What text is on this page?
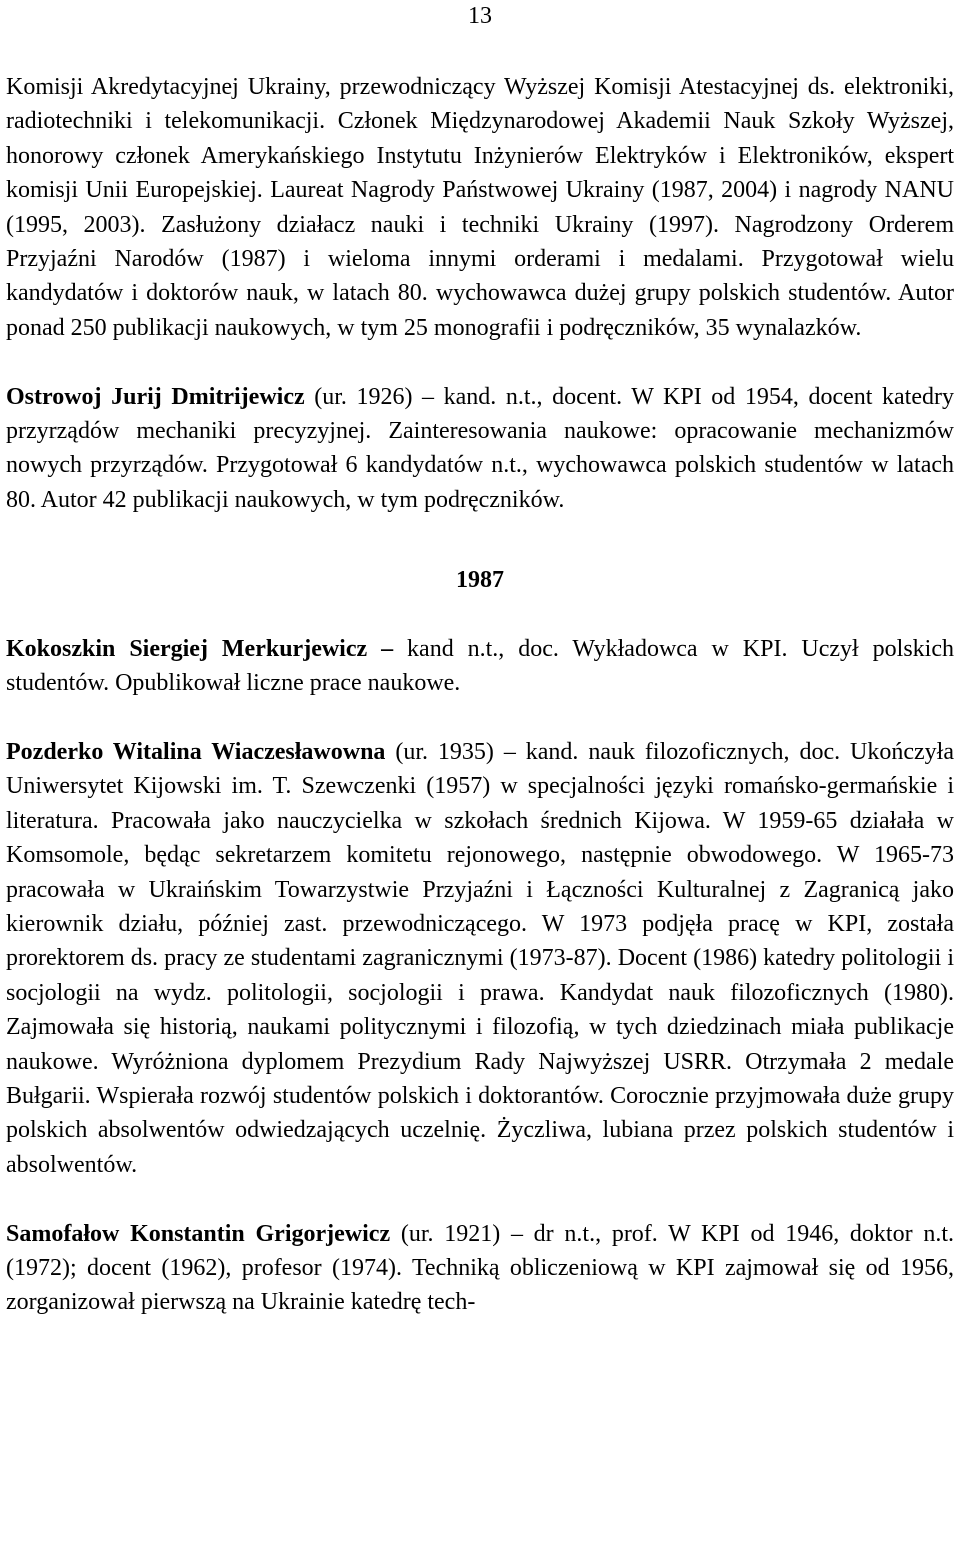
13

Komisji Akredytacyjnej Ukrainy, przewodniczący Wyższej Komisji Atestacyjnej ds. elektroniki, radiotechniki i telekomunikacji. Członek Międzynarodowej Akademii Nauk Szkoły Wyższej, honorowy członek Amerykańskiego Instytutu Inżynierów Elektryków i Elektroników, ekspert komisji Unii Europejskiej. Laureat Nagrody Państwowej Ukrainy (1987, 2004) i nagrody NANU (1995, 2003). Zasłużony działacz nauki i techniki Ukrainy (1997). Nagrodzony Orderem Przyjaźni Narodów (1987) i wieloma innymi orderami i medalami. Przygotował wielu kandydatów i doktorów nauk, w latach 80. wychowawca dużej grupy polskich studentów. Autor ponad 250 publikacji naukowych, w tym 25 monografii i podręczników, 35 wynalazków.

Ostrowoj Jurij Dmitrijewicz (ur. 1926) – kand. n.t., docent. W KPI od 1954, docent katedry przyrządów mechaniki precyzyjnej. Zainteresowania naukowe: opracowanie mechanizmów nowych przyrządów. Przygotował 6 kandydatów n.t., wychowawca polskich studentów w latach 80. Autor 42 publikacji naukowych, w tym podręczników.

1987

Kokoszkin Siergiej Merkurjewicz – kand n.t., doc. Wykładowca w KPI. Uczył polskich studentów. Opublikował liczne prace naukowe.

Pozderko Witalina Wiaczesławowna (ur. 1935) – kand. nauk filozoficznych, doc. Ukończyła Uniwersytet Kijowski im. T. Szewczenki (1957) w specjalności języki romańsko-germańskie i literatura. Pracowała jako nauczycielka w szkołach średnich Kijowa. W 1959-65 działała w Komsomole, będąc sekretarzem komitetu rejonowego, następnie obwodowego. W 1965-73 pracowała w Ukraińskim Towarzystwie Przyjaźni i Łączności Kulturalnej z Zagranicą jako kierownik działu, później zast. przewodniczącego. W 1973 podjęła pracę w KPI, została prorektorem ds. pracy ze studentami zagranicznymi (1973-87). Docent (1986) katedry politologii i socjologii na wydz. politologii, socjologii i prawa. Kandydat nauk filozoficznych (1980). Zajmowała się historią, naukami politycznymi i filozofią, w tych dziedzinach miała publikacje naukowe. Wyróżniona dyplomem Prezydium Rady Najwyższej USRR. Otrzymała 2 medale Bułgarii. Wspierała rozwój studentów polskich i doktorantów. Corocznie przyjmowała duże grupy polskich absolwentów odwiedzających uczelnię. Życzliwa, lubiana przez polskich studentów i absolwentów.

Samofałow Konstantin Grigorjewicz (ur. 1921) – dr n.t., prof. W KPI od 1946, doktor n.t. (1972); docent (1962), profesor (1974). Techniką obliczeniową w KPI zajmował się od 1956, zorganizował pierwszą na Ukrainie katedrę tech-
